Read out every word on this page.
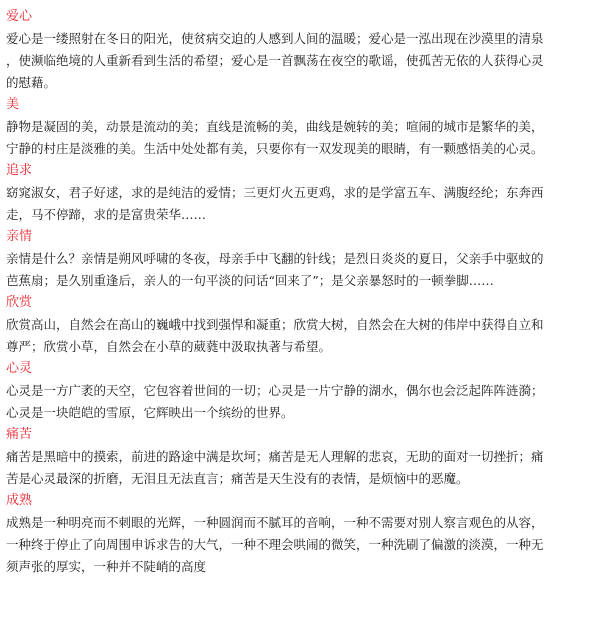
爱心
爱心是一缕照射在冬日的阳光，使贫病交迫的人感到人间的温暖；爱心是一泓出现在沙漠里的清泉
，使濒临绝境的人重新看到生活的希望；爱心是一首飘荡在夜空的歌谣，使孤苦无依的人获得心灵
的慰藉。
美
静物是凝固的美，动景是流动的美；直线是流畅的美，曲线是婉转的美；喧闹的城市是繁华的美，
宁静的村庄是淡雅的美。生活中处处都有美，只要你有一双发现美的眼睛，有一颗感悟美的心灵。
追求
窈窕淑女，君子好逑，求的是纯洁的爱情；三更灯火五更鸡，求的是学富五车、满腹经纶；东奔西
走，马不停蹄，求的是富贵荣华……
亲情
亲情是什么？亲情是朔风呼啸的冬夜，母亲手中飞翻的针线；是烈日炎炎的夏日，父亲手中驱蚊的
芭蕉扇；是久别重逢后，亲人的一句平淡的问话“回来了”；是父亲暴怒时的一顿拳脚……
欣赏
欣赏高山，自然会在高山的巍峨中找到强悍和凝重；欣赏大树，自然会在大树的伟岸中获得自立和
尊严；欣赏小草，自然会在小草的葳蕤中汲取执著与希望。
心灵
心灵是一方广袤的天空，它包容着世间的一切；心灵是一片宁静的湖水，偶尔也会泛起阵阵涟漪；
心灵是一块皑皑的雪原，它辉映出一个缤纷的世界。
痛苦
痛苦是黑暗中的摸索，前进的路途中满是坎坷；痛苦是无人理解的悲哀，无助的面对一切挫折；痛
苦是心灵最深的折磨，无泪且无法直言；痛苦是天生没有的表情，是烦恼中的恶魔。
成熟
成熟是一种明亮而不刺眼的光辉，一种圆润而不腻耳的音响，一种不需要对别人察言观色的从容，
一种终于停止了向周围申诉求告的大气，一种不理会哄闹的微笑，一种洗刷了偏激的淡漠，一种无
须声张的厚实，一种并不陡峭的高度
